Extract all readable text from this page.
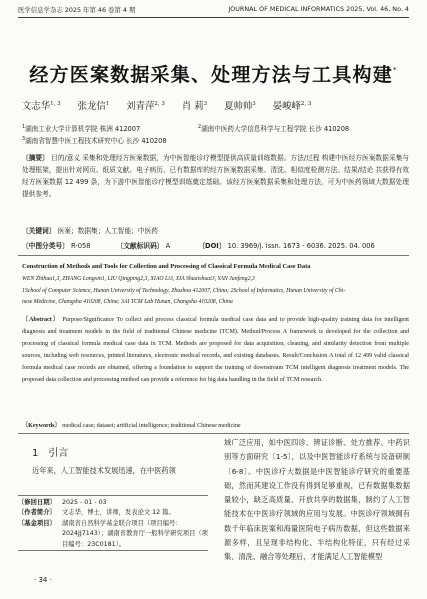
医学信息学杂志 2025 年第 46 卷第 4 期	JOURNAL OF MEDICAL INFORMATICS 2025, Vol. 46, No. 4
经方医案数据采集、处理方法与工具构建*
文志华$^{1, 3}$ 张龙信$^1$ 刘青萍$^{2, 3}$ 肖 莉$^3$ 夏帅帅$^3$ 晏峻峰$^{2, 3}$
$^1$湖南工业大学计算机学院 株洲 412007	$^2$湖南中医药大学信息科学与工程学院 长沙 410208
$^3$湖南省智慧中医工程技术研究中心 长沙 410208
〔摘要〕 目的/意义 采集和处理经方医案数据，为中医智能诊疗模型提供高质量训练数据。方法/过程 构建中医经方医案数据采集与处理框架，提出针对网页、纸质文献、电子病历、已有数据库的经方医案数据采集、清洗、相似度检测方法。结果/结论 共获得有效经方医案数据 12 499 条，为下游中医智能诊疗模型训练奠定基础。该经方医案数据采集和处理方法，可为中医药领域大数据处理提供参考。
〔关键词〕 医案；数据集；人工智能；中医药
〔中图分类号〕 R-058	〔文献标识码〕 A	〔DOI〕 10. 3969/j. issn. 1673 - 6036. 2025. 04. 006
Construction of Methods and Tools for Collection and Processing of Classical Formula Medical Case Data
WEN Zhihua1,3, ZHANG Longxin1, LIU Qingping2,3, XIAO Li3, XIA Shuaishuai3, YAN Junfeng2,3
1School of Computer Science, Hunan University of Technology, Zhuzhou 412007, China; 2School of Informatics, Hunan University of Chi-
nese Medicine, Changsha 410208, China; 3AI TCM Lab Hunan, Changsha 410208, China
〔Abstract〕 Purpose/Significance To collect and process classical formula medical case data and to provide high-quality training data for intelligent diagnosis and treatment models in the field of traditional Chinese medicine (TCM). Method/Process A framework is developed for the collection and processing of classical formula medical case data in TCM. Methods are proposed for data acquisition, cleaning, and similarity detection from multiple sources, including web resources, printed literatures, electronic medical records, and existing databases. Result/Conclusion A total of 12 499 valid classical formula medical case records are obtained, offering a foundation to support the training of downstream TCM intelligent diagnosis treatment models. The proposed data collection and processing method can provide a reference for big data handling in the field of TCM research.
〔Keywords〕 medical case; dataset; artificial intelligence; traditional Chinese medicine
1 引言
近年来，人工智能技术发展迅速，在中医药领
〔修回日期〕 2025 - 01 - 03
〔作者简介〕 文志华，博士，讲师，发表论文 12 篇。
〔基金项目〕 湖南省自然科学基金联合项目（项目编号：2024JJ7143）；湖南省教育厅一般科学研究项目（项目编号：23C0181）。
域广泛应用，如中医四诊、辨证诊断、处方推荐、中药识别等方面研究〔1-5〕，以及中医智能诊疗系统与设备研制〔6-8〕。中医诊疗大数据是中医智能诊疗研究的重要基础，然而其建设工作没有得到足够重视，已有数据集数据量较小，缺乏高质量、开放共享的数据集，制约了人工智能技术在中医诊疗领域的应用与发展。中医诊疗领域拥有数千年临床医案和海量医院电子病历数据，但这些数据来源多样，且呈现非结构化、半结构化特征，只有经过采集、清洗、融合等处理后，才能满足人工智能模型
· 34 ·
